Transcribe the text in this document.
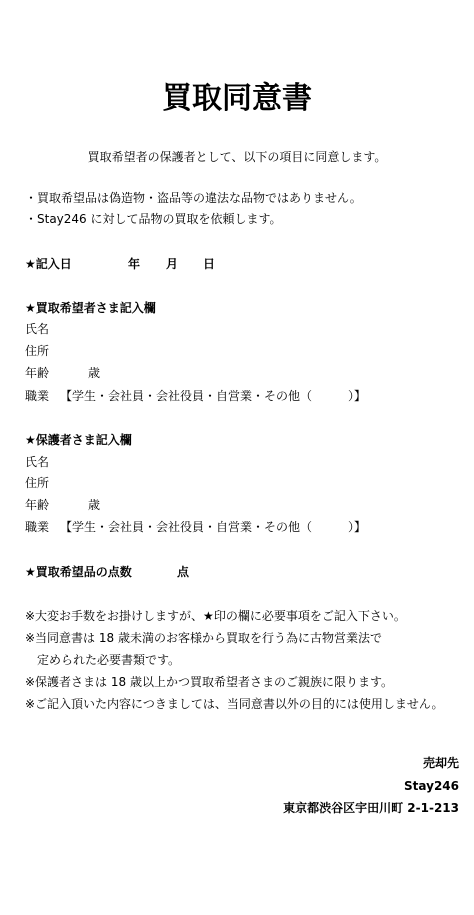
買取同意書
買取希望者の保護者として、以下の項目に同意します。
・買取希望品は偽造物・盗品等の違法な品物ではありません。
・Stay246 に対して品物の買取を依頼します。
★記入日	年 月 日
★買取希望者さま記入欄
氏名
住所
年齢	歳
職業 【学生・会社員・会社役員・自営業・その他（　　　）】
★保護者さま記入欄
氏名
住所
年齢	歳
職業 【学生・会社員・会社役員・自営業・その他（　　　）】
★買取希望品の点数	点
※大変お手数をお掛けしますが、★印の欄に必要事項をご記入下さい。
※当同意書は 18 歳未満のお客様から買取を行う為に古物営業法で
　定められた必要書類です。
※保護者さまは 18 歳以上かつ買取希望者さまのご親族に限ります。
※ご記入頂いた内容につきましては、当同意書以外の目的には使用しません。
売却先
Stay246
東京都渋谷区宇田川町 2-1-213
